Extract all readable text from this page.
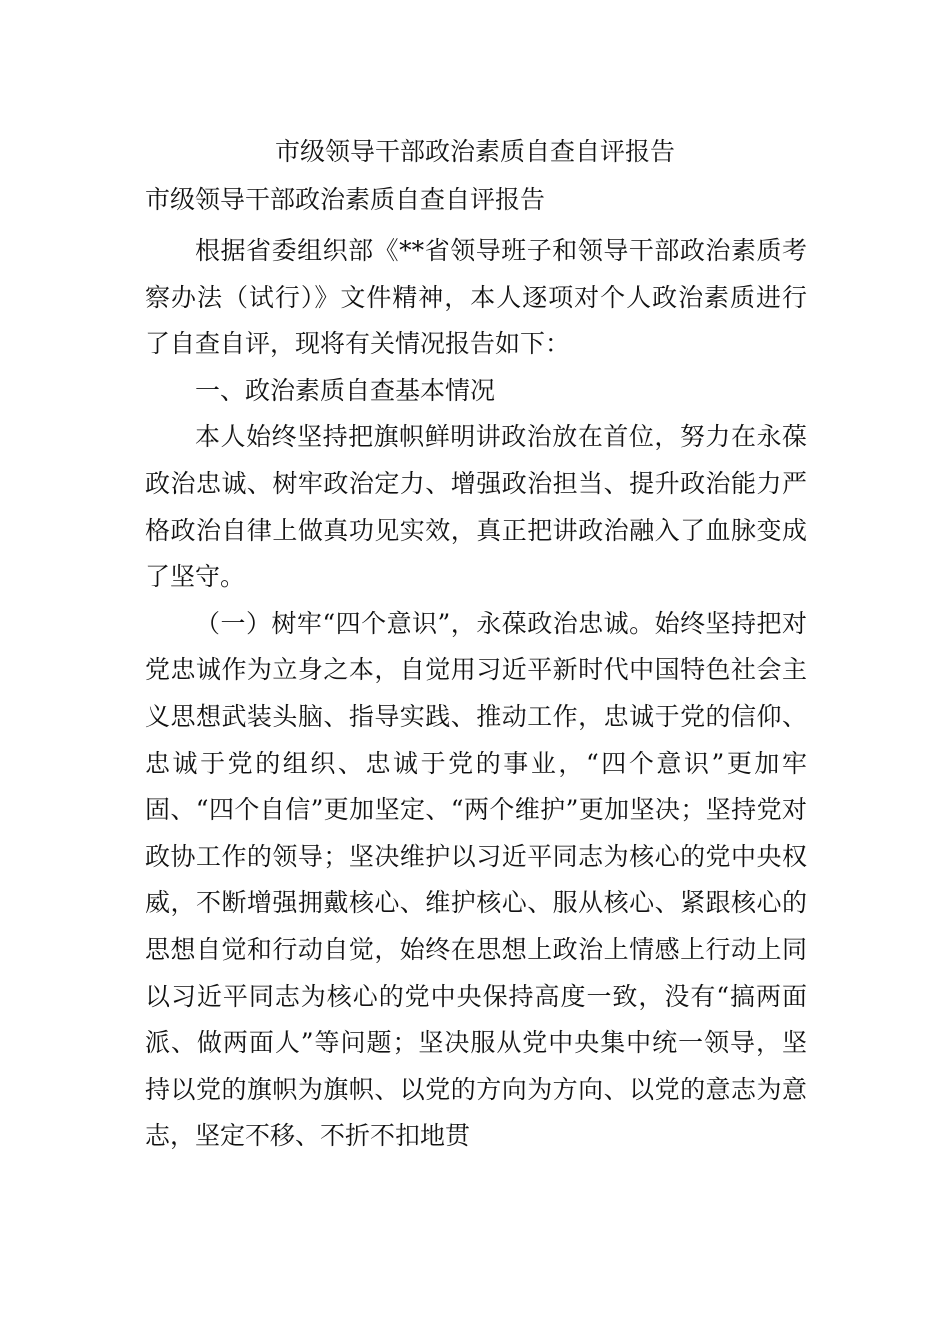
市级领导干部政治素质自查自评报告
市级领导干部政治素质自查自评报告

根据省委组织部《**省领导班子和领导干部政治素质考察办法（试行）》文件精神，本人逐项对个人政治素质进行了自查自评，现将有关情况报告如下：

一、政治素质自查基本情况

本人始终坚持把旗帜鲜明讲政治放在首位，努力在永葆政治忠诚、树牢政治定力、增强政治担当、提升政治能力严格政治自律上做真功见实效，真正把讲政治融入了血脉变成了坚守。

（一）树牢“四个意识”，永葆政治忠诚。始终坚持把对党忠诚作为立身之本，自觉用习近平新时代中国特色社会主义思想武装头脑、指导实践、推动工作，忠诚于党的信仰、忠诚于党的组织、忠诚于党的事业，“四个意识”更加牢固、“四个自信”更加坚定、“两个维护”更加坚决；坚持党对政协工作的领导；坚决维护以习近平同志为核心的党中央权威，不断增强拥戴核心、维护核心、服从核心、紧跟核心的思想自觉和行动自觉，始终在思想上政治上情感上行动上同以习近平同志为核心的党中央保持高度一致，没有“搞两面派、做两面人”等问题；坚决服从党中央集中统一领导，坚持以党的旗帜为旗帜、以党的方向为方向、以党的意志为意志，坚定不移、不折不扣地贯
